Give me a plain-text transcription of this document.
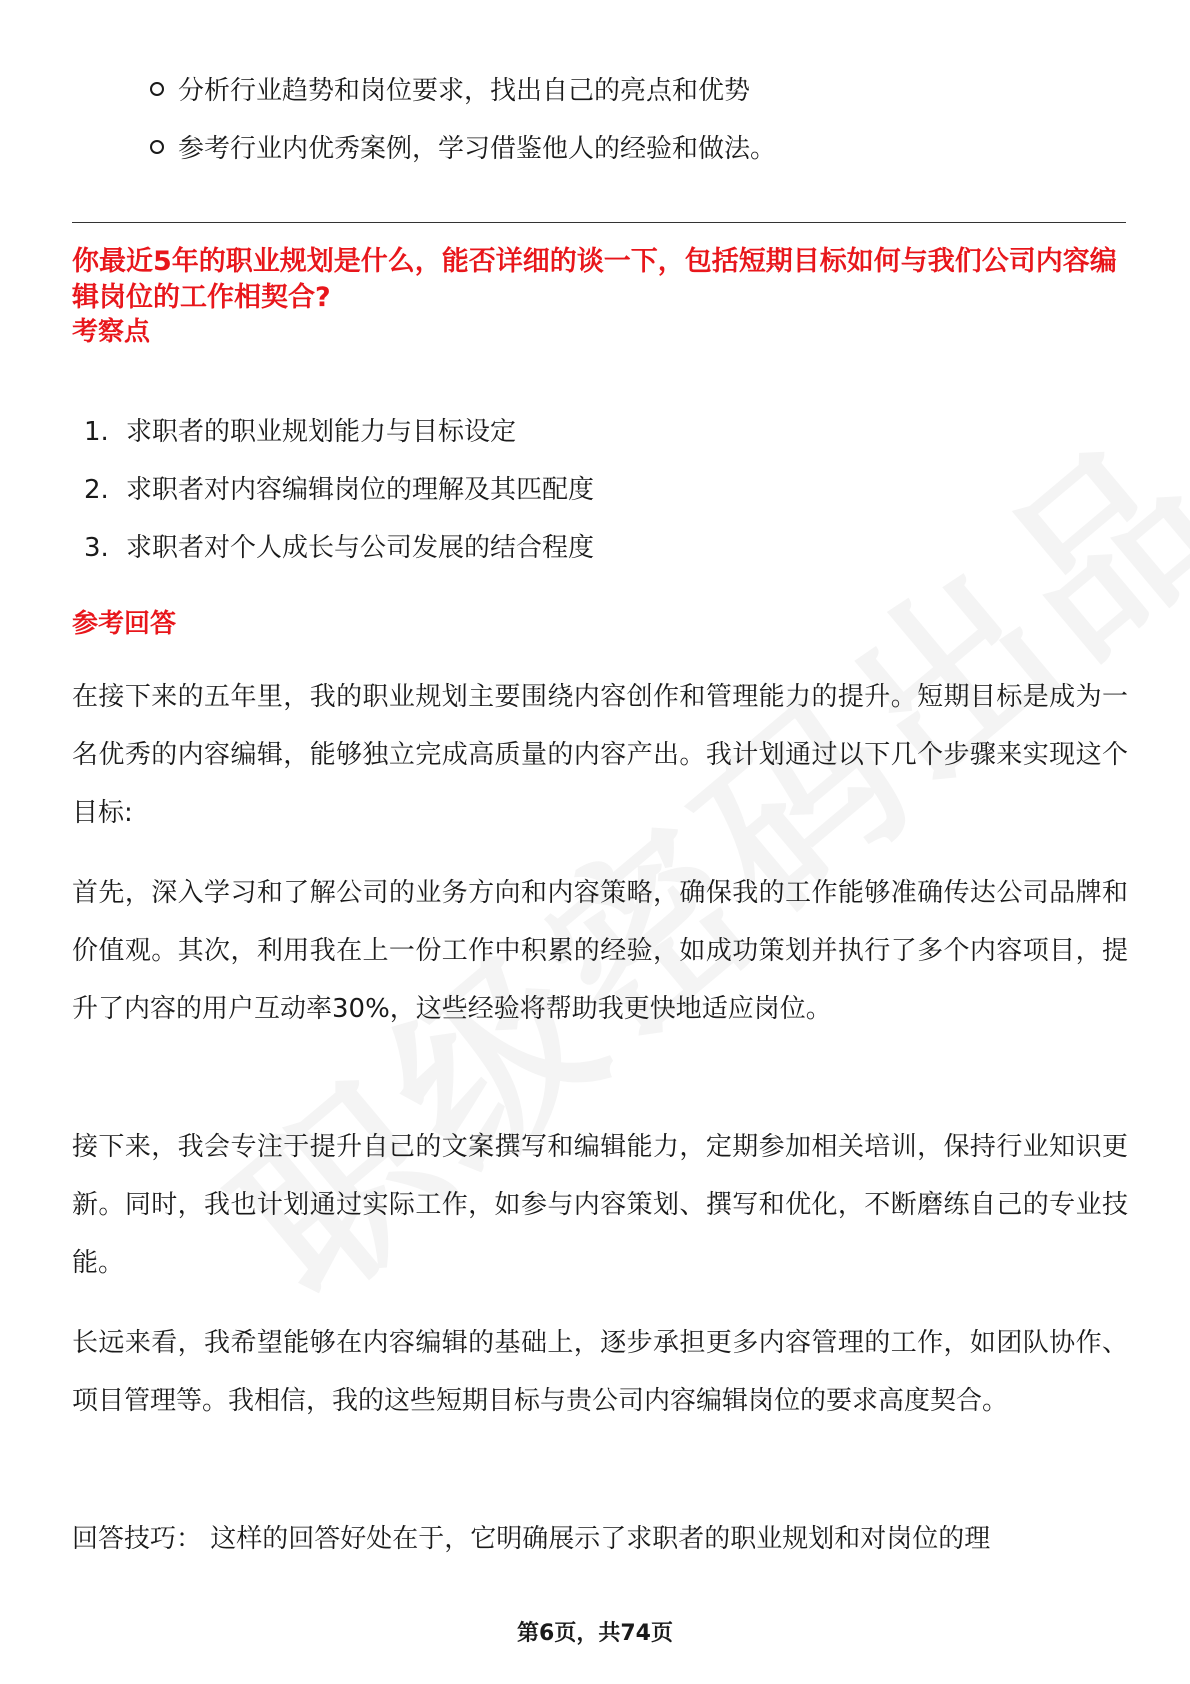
分析行业趋势和岗位要求，找出自己的亮点和优势
参考行业内优秀案例，学习借鉴他人的经验和做法。
你最近5年的职业规划是什么，能否详细的谈一下，包括短期目标如何与我们公司内容编辑岗位的工作相契合?
考察点
1. 求职者的职业规划能力与目标设定
2. 求职者对内容编辑岗位的理解及其匹配度
3. 求职者对个人成长与公司发展的结合程度
参考回答

在接下来的五年里，我的职业规划主要围绕内容创作和管理能力的提升。短期目标是成为一名优秀的内容编辑，能够独立完成高质量的内容产出。我计划通过以下几个步骤来实现这个目标:

首先，深入学习和了解公司的业务方向和内容策略，确保我的工作能够准确传达公司品牌和价值观。其次，利用我在上一份工作中积累的经验，如成功策划并执行了多个内容项目，提升了内容的用户互动率30%，这些经验将帮助我更快地适应岗位。

接下来，我会专注于提升自己的文案撰写和编辑能力，定期参加相关培训，保持行业知识更新。同时，我也计划通过实际工作，如参与内容策划、撰写和优化，不断磨练自己的专业技能。

长远来看，我希望能够在内容编辑的基础上，逐步承担更多内容管理的工作，如团队协作、项目管理等。我相信，我的这些短期目标与贵公司内容编辑岗位的要求高度契合。

回答技巧： 这样的回答好处在于，它明确展示了求职者的职业规划和对岗位的理

第6页，共74页
